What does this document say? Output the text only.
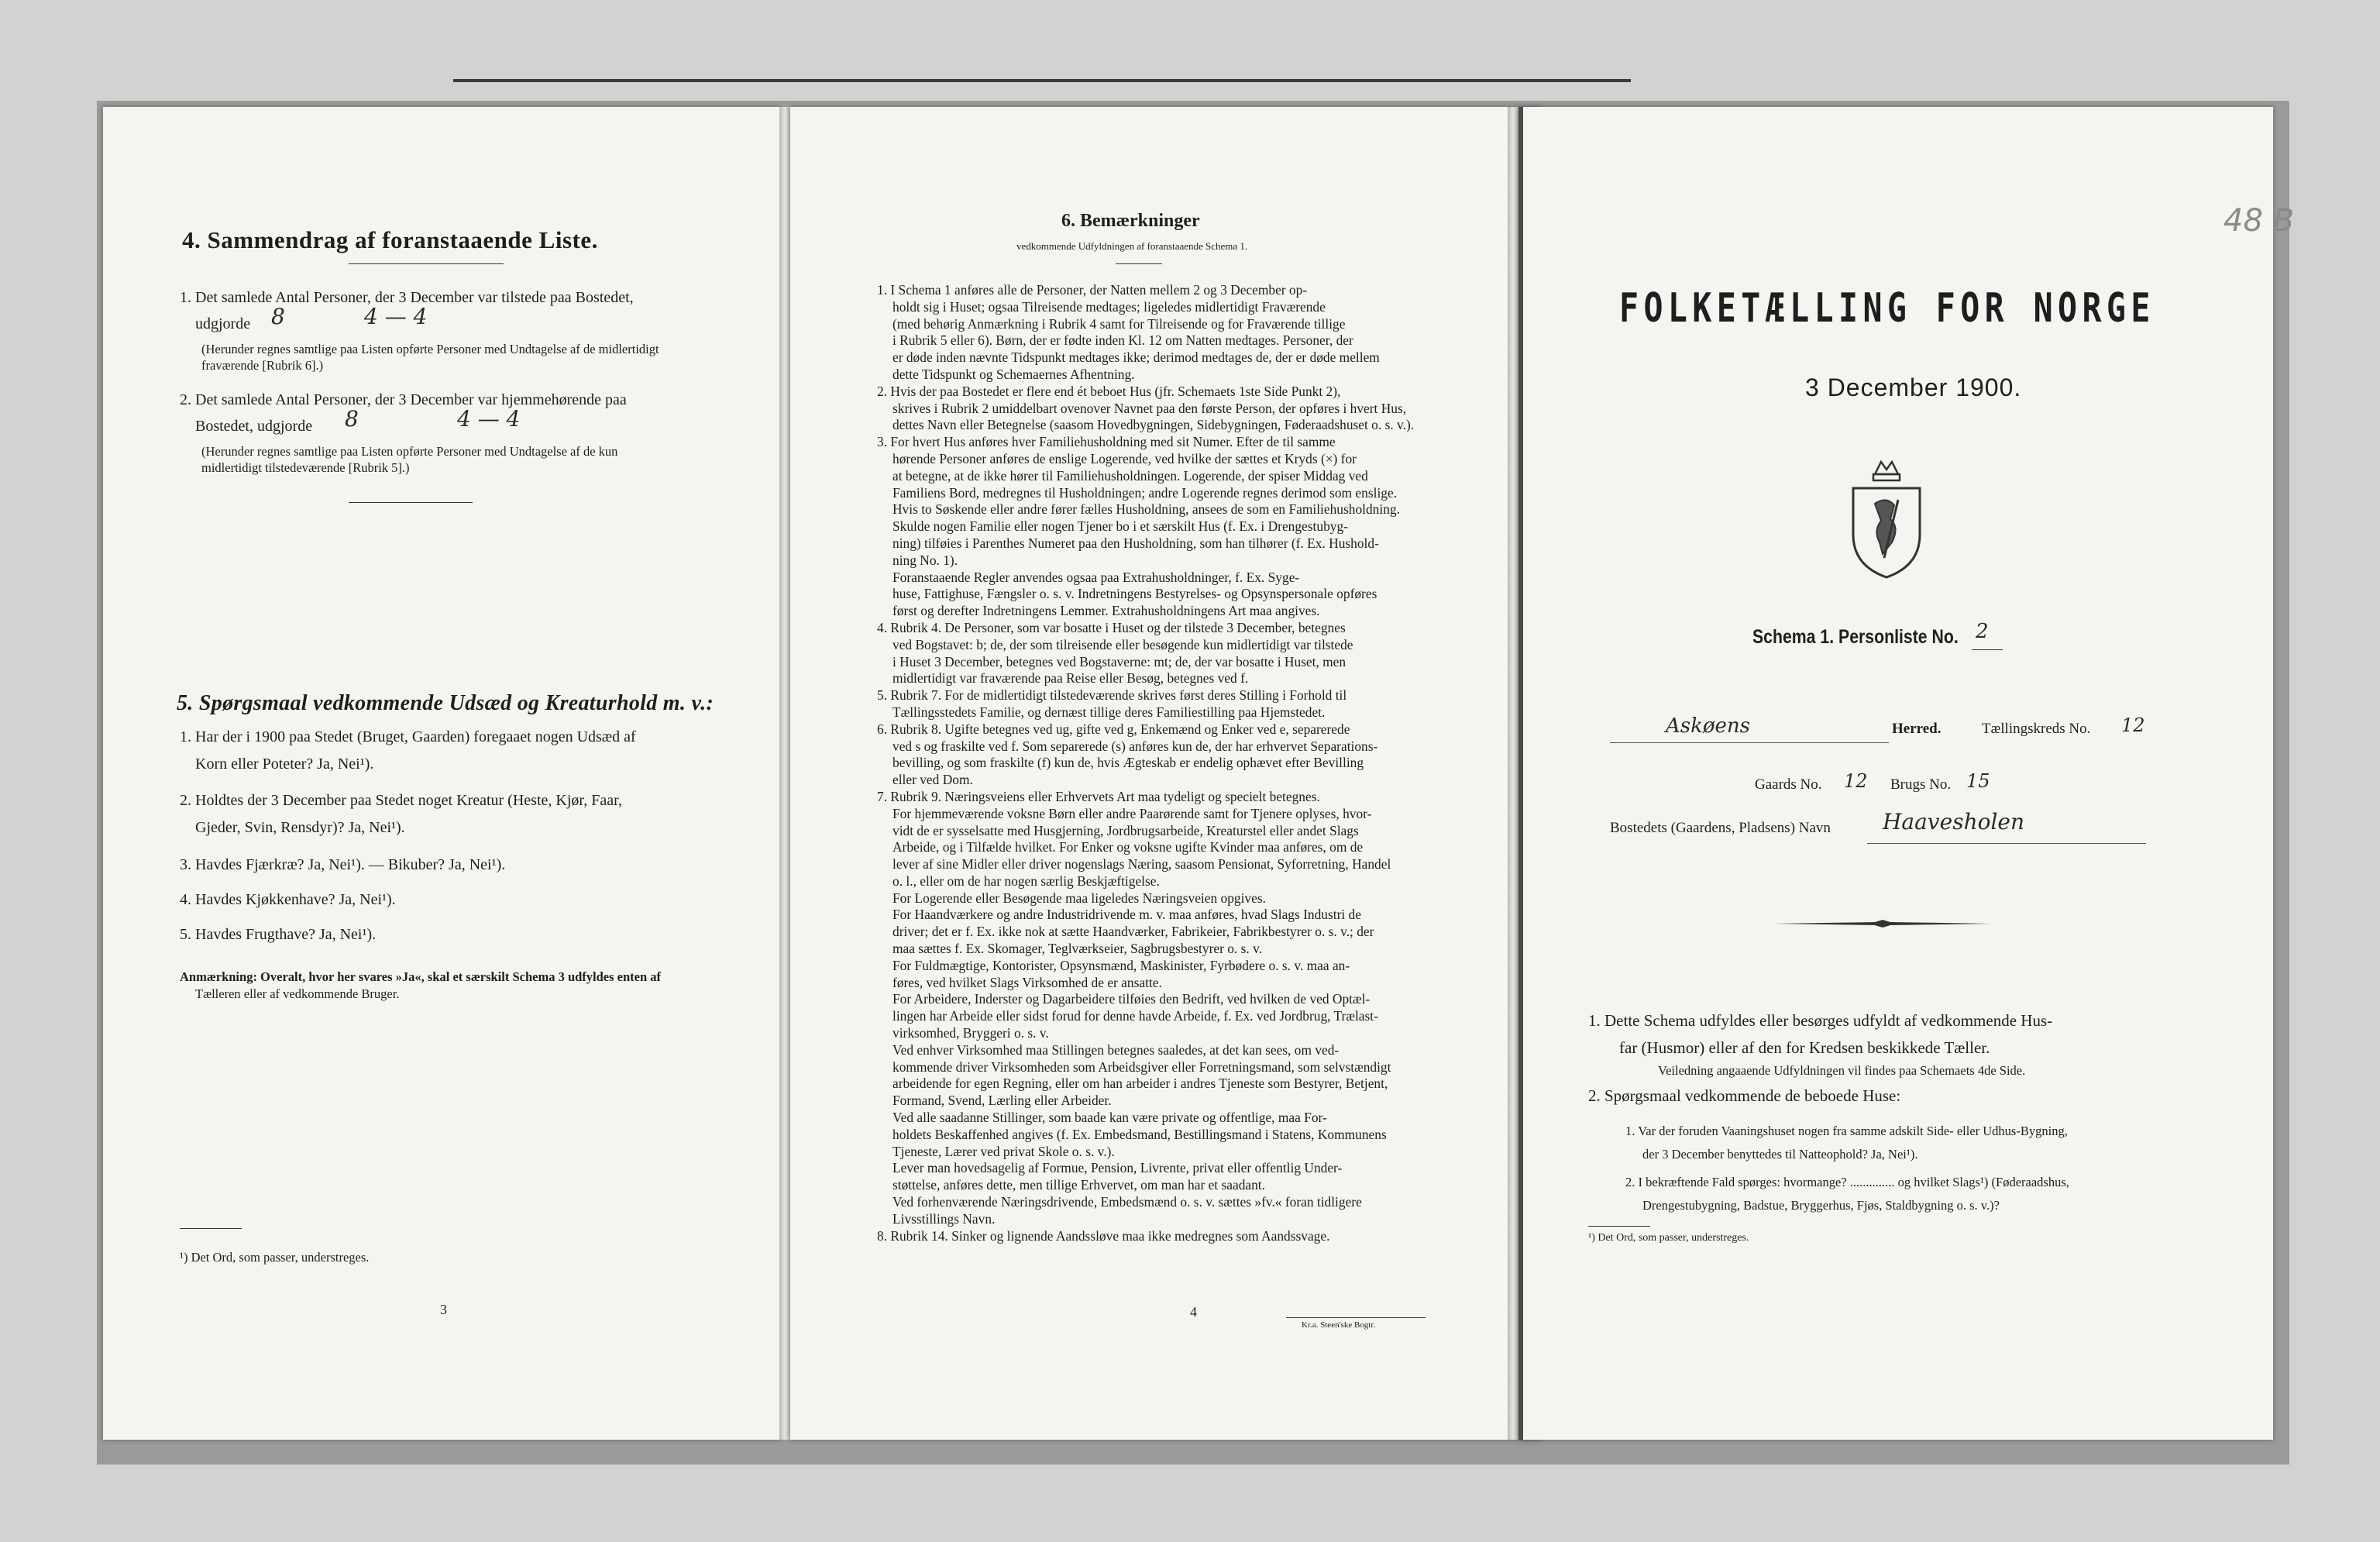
4. Sammendrag af foranstaaende Liste.
1. Det samlede Antal Personer, der 3 December var tilstede paa Bostedet,
udgjorde 8	4 — 4
(Herunder regnes samtlige paa Listen opførte Personer med Undtagelse af de midlertidigt
fraværende [Rubrik 6].)
2. Det samlede Antal Personer, der 3 December var hjemmehørende paa
Bostedet, udgjorde 8	4 — 4
(Herunder regnes samtlige paa Listen opførte Personer med Undtagelse af de kun
midlertidigt tilstedeværende [Rubrik 5].)
5. Spørgsmaal vedkommende Udsæd og Kreaturhold m. v.:
1. Har der i 1900 paa Stedet (Bruget, Gaarden) foregaaet nogen Udsæd af
Korn eller Poteter? Ja, Nei¹).
2. Holdtes der 3 December paa Stedet noget Kreatur (Heste, Kjør, Faar,
Gjeder, Svin, Rensdyr)? Ja, Nei¹).
3. Havdes Fjærkræ? Ja, Nei¹). — Bikuber? Ja, Nei¹).
4. Havdes Kjøkkenhave? Ja, Nei¹).
5. Havdes Frugthave? Ja, Nei¹).
Anmærkning: Overalt, hvor her svares »Ja«, skal et særskilt Schema 3 udfyldes enten af
Tælleren eller af vedkommende Bruger.
¹) Det Ord, som passer, understreges.
3
6. Bemærkninger
vedkommende Udfyldningen af foranstaaende Schema 1.
1. I Schema 1 anføres alle de Personer, der Natten mellem 2 og 3 December op-
holdt sig i Huset; ogsaa Tilreisende medtages; ligeledes midlertidigt Fraværende
(med behørig Anmærkning i Rubrik 4 samt for Tilreisende og for Fraværende tillige
i Rubrik 5 eller 6). Børn, der er fødte inden Kl. 12 om Natten medtages. Personer, der
er døde inden nævnte Tidspunkt medtages ikke; derimod medtages de, der er døde mellem
dette Tidspunkt og Schemaernes Afhentning.
2. Hvis der paa Bostedet er flere end ét beboet Hus (jfr. Schemaets 1ste Side Punkt 2),
skrives i Rubrik 2 umiddelbart ovenover Navnet paa den første Person, der opføres i hvert Hus,
dettes Navn eller Betegnelse (saasom Hovedbygningen, Sidebygningen, Føderaadshuset o. s. v.).
3. For hvert Hus anføres hver Familiehusholdning med sit Numer. Efter de til samme
hørende Personer anføres de enslige Logerende, ved hvilke der sættes et Kryds (×) for
at betegne, at de ikke hører til Familiehusholdningen. Logerende, der spiser Middag ved
Familiens Bord, medregnes til Husholdningen; andre Logerende regnes derimod som enslige.
Hvis to Søskende eller andre fører fælles Husholdning, ansees de som en Familiehusholdning.
Skulde nogen Familie eller nogen Tjener bo i et særskilt Hus (f. Ex. i Drengestubyg-
ning) tilføies i Parenthes Numeret paa den Husholdning, som han tilhører (f. Ex. Hushold-
ning No. 1).
Foranstaaende Regler anvendes ogsaa paa Extrahusholdninger, f. Ex. Syge-
huse, Fattighuse, Fængsler o. s. v. Indretningens Bestyrelses- og Opsynspersonale opføres
først og derefter Indretningens Lemmer. Extrahusholdningens Art maa angives.
4. Rubrik 4. De Personer, som var bosatte i Huset og der tilstede 3 December, betegnes
ved Bogstavet: b; de, der som tilreisende eller besøgende kun midlertidigt var tilstede
i Huset 3 December, betegnes ved Bogstaverne: mt; de, der var bosatte i Huset, men
midlertidigt var fraværende paa Reise eller Besøg, betegnes ved f.
5. Rubrik 7. For de midlertidigt tilstedeværende skrives først deres Stilling i Forhold til
Tællingsstedets Familie, og dernæst tillige deres Familiestilling paa Hjemstedet.
6. Rubrik 8. Ugifte betegnes ved ug, gifte ved g, Enkemænd og Enker ved e, separerede
ved s og fraskilte ved f. Som separerede (s) anføres kun de, der har erhvervet Separations-
bevilling, og som fraskilte (f) kun de, hvis Ægteskab er endelig ophævet efter Bevilling
eller ved Dom.
7. Rubrik 9. Næringsveiens eller Erhvervets Art maa tydeligt og specielt betegnes.
For hjemmeværende voksne Børn eller andre Paarørende samt for Tjenere oplyses, hvor-
vidt de er sysselsatte med Husgjerning, Jordbrugsarbeide, Kreaturstel eller andet Slags
Arbeide, og i Tilfælde hvilket. For Enker og voksne ugifte Kvinder maa anføres, om de
lever af sine Midler eller driver nogenslags Næring, saasom Pensionat, Syforretning, Handel
o. l., eller om de har nogen særlig Beskjæftigelse.
For Logerende eller Besøgende maa ligeledes Næringsveien opgives.
For Haandværkere og andre Industridrivende m. v. maa anføres, hvad Slags Industri de
driver; det er f. Ex. ikke nok at sætte Haandværker, Fabrikeier, Fabrikbestyrer o. s. v.; der
maa sættes f. Ex. Skomager, Teglværkseier, Sagbrugsbestyrer o. s. v.
For Fuldmægtige, Kontorister, Opsynsmænd, Maskinister, Fyrbødere o. s. v. maa an-
føres, ved hvilket Slags Virksomhed de er ansatte.
For Arbeidere, Inderster og Dagarbeidere tilføies den Bedrift, ved hvilken de ved Optæl-
lingen har Arbeide eller sidst forud for denne havde Arbeide, f. Ex. ved Jordbrug, Trælast-
virksomhed, Bryggeri o. s. v.
Ved enhver Virksomhed maa Stillingen betegnes saaledes, at det kan sees, om ved-
kommende driver Virksomheden som Arbeidsgiver eller Forretningsmand, som selvstændigt
arbeidende for egen Regning, eller om han arbeider i andres Tjeneste som Bestyrer, Betjent,
Formand, Svend, Lærling eller Arbeider.
Ved alle saadanne Stillinger, som baade kan være private og offentlige, maa For-
holdets Beskaffenhed angives (f. Ex. Embedsmand, Bestillingsmand i Statens, Kommunens
Tjeneste, Lærer ved privat Skole o. s. v.).
Lever man hovedsagelig af Formue, Pension, Livrente, privat eller offentlig Under-
støttelse, anføres dette, men tillige Erhvervet, om man har et saadant.
Ved forhenværende Næringsdrivende, Embedsmænd o. s. v. sættes »fv.« foran tidligere
Livsstillings Navn.
8. Rubrik 14. Sinker og lignende Aandssløve maa ikke medregnes som Aandssvage.
4
Kr.a. Steen'ske Bogtr.
48 B
FOLKETÆLLING FOR NORGE
3 December 1900.
Schema 1. Personliste No. 2
Askøens	Herred.	Tællingskreds No. 12
Gaards No. 12 Brugs No. 15
Bostedets (Gaardens, Pladsens) Navn Haavesholen
1. Dette Schema udfyldes eller besørges udfyldt af vedkommende Hus-
far (Husmor) eller af den for Kredsen beskikkede Tæller.
Veiledning angaaende Udfyldningen vil findes paa Schemaets 4de Side.
2. Spørgsmaal vedkommende de beboede Huse:
1. Var der foruden Vaaningshuset nogen fra samme adskilt Side- eller Udhus-Bygning,
der 3 December benyttedes til Natteophold? Ja, Nei¹).
2. I bekræftende Fald spørges: hvormange? .............. og hvilket Slags¹) (Føderaadshus,
Drengestubygning, Badstue, Bryggerhus, Fjøs, Staldbygning o. s. v.)?
¹) Det Ord, som passer, understreges.
